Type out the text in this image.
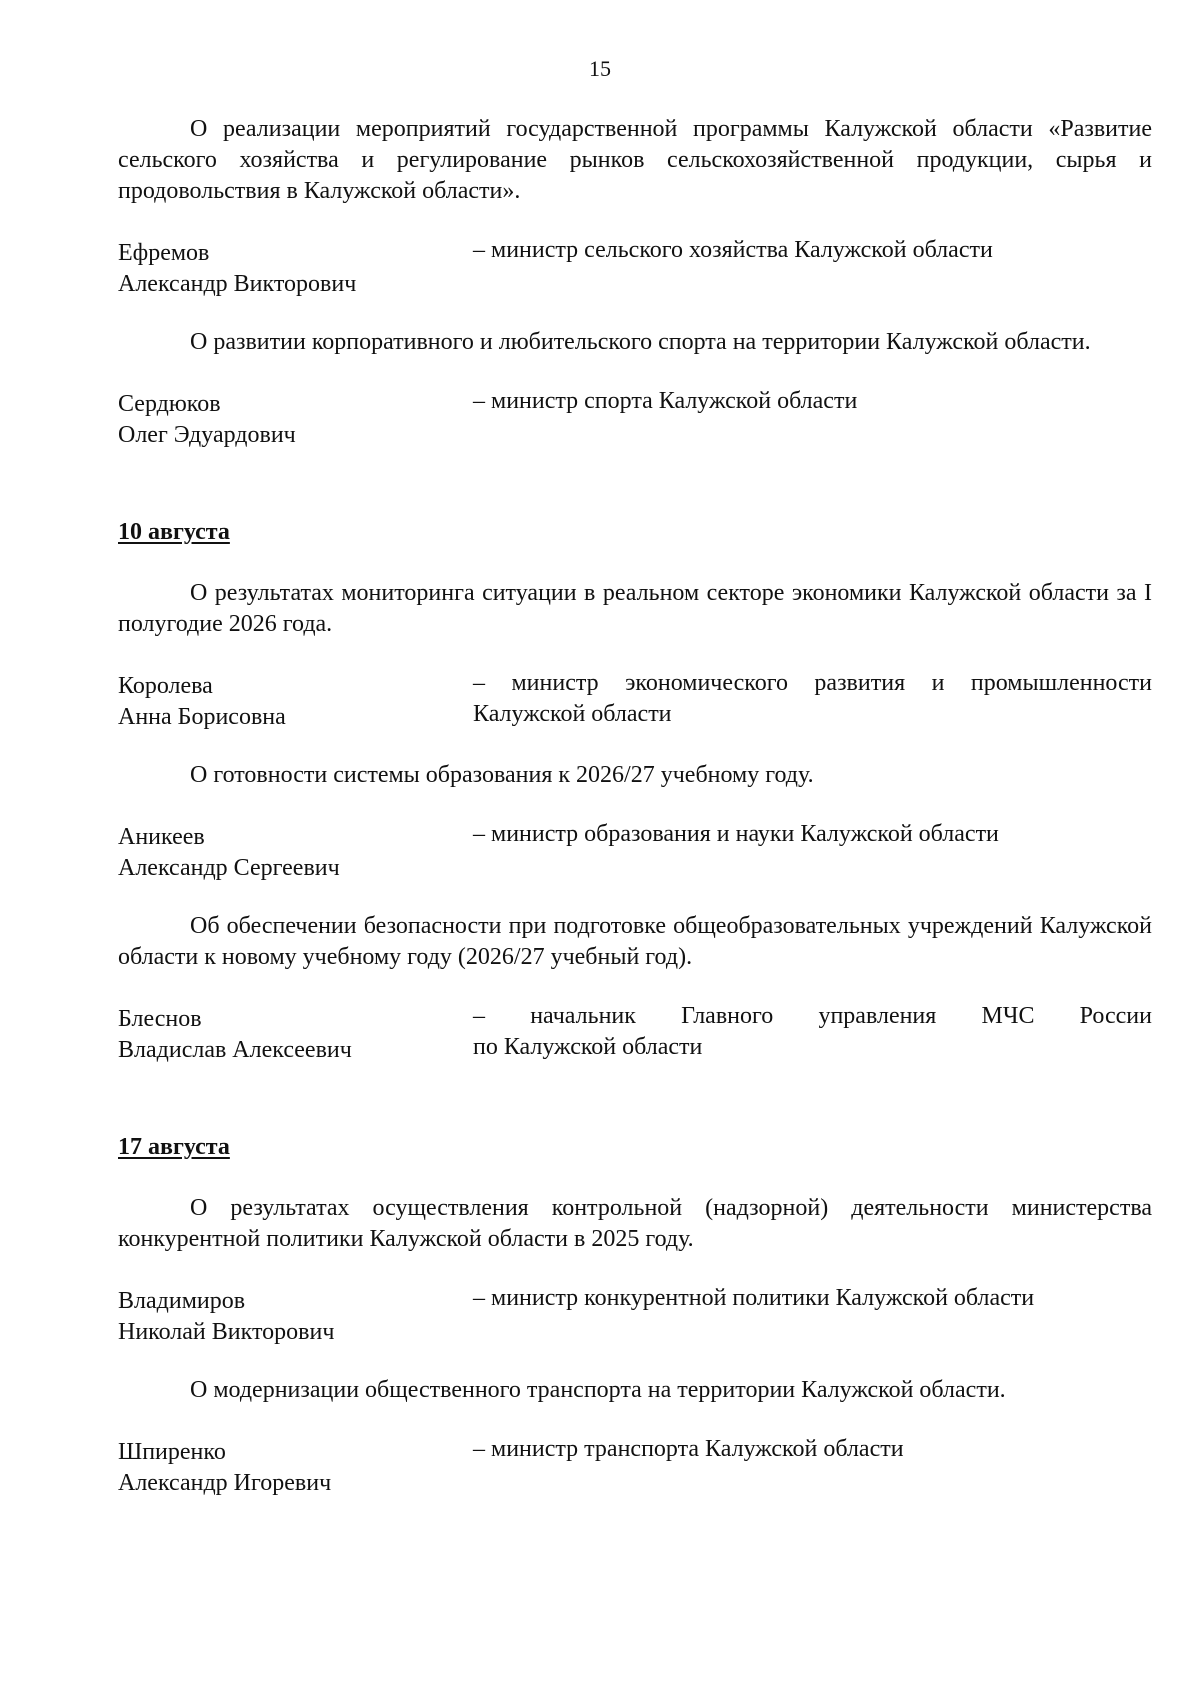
15

О реализации мероприятий государственной программы Калужской области «Развитие сельского хозяйства и регулирование рынков сельскохозяйственной продукции, сырья и продовольствия в Калужской области».

Ефремов
Александр Викторович
– министр сельского хозяйства Калужской области

О развитии корпоративного и любительского спорта на территории Калужской области.

Сердюков
Олег Эдуардович
– министр спорта Калужской области

10 августа

О результатах мониторинга ситуации в реальном секторе экономики Калужской области за I полугодие 2026 года.

Королева
Анна Борисовна
– министр экономического развития и промышленности
Калужской области

О готовности системы образования к 2026/27 учебному году.

Аникеев
Александр Сергеевич
– министр образования и науки Калужской области

Об обеспечении безопасности при подготовке общеобразовательных учреждений Калужской области к новому учебному году (2026/27 учебный год).

Блеснов
Владислав Алексеевич
– начальник Главного управления МЧС России
по Калужской области

17 августа

О результатах осуществления контрольной (надзорной) деятельности министерства конкурентной политики Калужской области в 2025 году.

Владимиров
Николай Викторович
– министр конкурентной политики Калужской области

О модернизации общественного транспорта на территории Калужской области.

Шпиренко
Александр Игоревич
– министр транспорта Калужской области
